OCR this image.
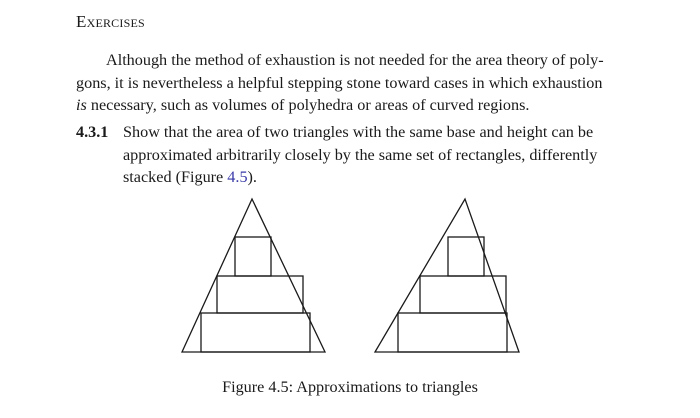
Exercises

Although the method of exhaustion is not needed for the area theory of poly-
gons, it is nevertheless a helpful stepping stone toward cases in which exhaustion
is necessary, such as volumes of polyhedra or areas of curved regions.

4.3.1 Show that the area of two triangles with the same base and height can be
approximated arbitrarily closely by the same set of rectangles, differently
stacked (Figure 4.5).
Figure 4.5: Approximations to triangles
